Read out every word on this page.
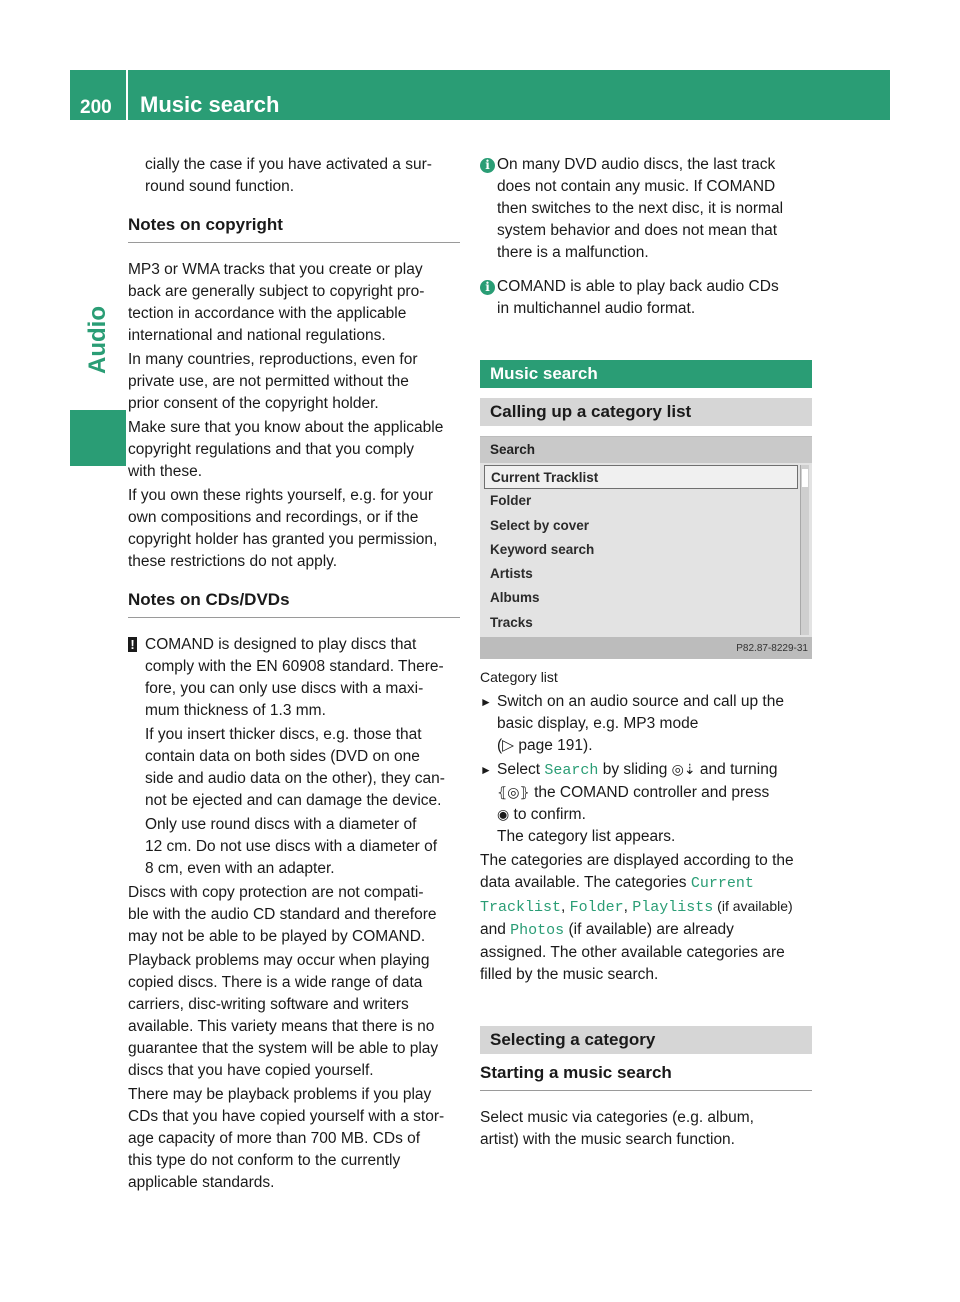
200	Music search
Audio

cially the case if you have activated a sur-

round sound function.

Notes on copyright

MP3 or WMA tracks that you create or play

back are generally subject to copyright pro-

tection in accordance with the applicable

international and national regulations.

In many countries, reproductions, even for

private use, are not permitted without the

prior consent of the copyright holder.

Make sure that you know about the applicable

copyright regulations and that you comply

with these.

If you own these rights yourself, e.g. for your

own compositions and recordings, or if the

copyright holder has granted you permission,

these restrictions do not apply.

Notes on CDs/DVDs
! COMAND is designed to play discs that

comply with the EN 60908 standard. There-

fore, you can only use discs with a maxi-

mum thickness of 1.3 mm.

If you insert thicker discs, e.g. those that

contain data on both sides (DVD on one

side and audio data on the other), they can-

not be ejected and can damage the device.

Only use round discs with a diameter of

12 cm. Do not use discs with a diameter of

8 cm, even with an adapter.

Discs with copy protection are not compati-

ble with the audio CD standard and therefore

may not be able to be played by COMAND.

Playback problems may occur when playing

copied discs. There is a wide range of data

carriers, disc-writing software and writers

available. This variety means that there is no

guarantee that the system will be able to play

discs that you have copied yourself.

There may be playback problems if you play

CDs that you have copied yourself with a stor-

age capacity of more than 700 MB. CDs of

this type do not conform to the currently

applicable standards.

i On many DVD audio discs, the last track

does not contain any music. If COMAND

then switches to the next disc, it is normal

system behavior and does not mean that

there is a malfunction.

i COMAND is able to play back audio CDs

in multichannel audio format.

Music search
Calling up a category list
Search
Current Tracklist
Folder
Select by cover
Keyword search
Artists
Albums
Tracks
P82.87-8229-31
Category list
► Switch on an audio source and call up the

basic display, e.g. MP3 mode

(▷ page 191).

► Select Search by sliding ◎⇣ and turning

⦃◎⦄ the COMAND controller and press

◉ to confirm.

The category list appears.

The categories are displayed according to the

data available. The categories Current

Tracklist, Folder, Playlists (if available)

and Photos (if available) are already

assigned. The other available categories are

filled by the music search.

Selecting a category
Starting a music search

Select music via categories (e.g. album,

artist) with the music search function.
